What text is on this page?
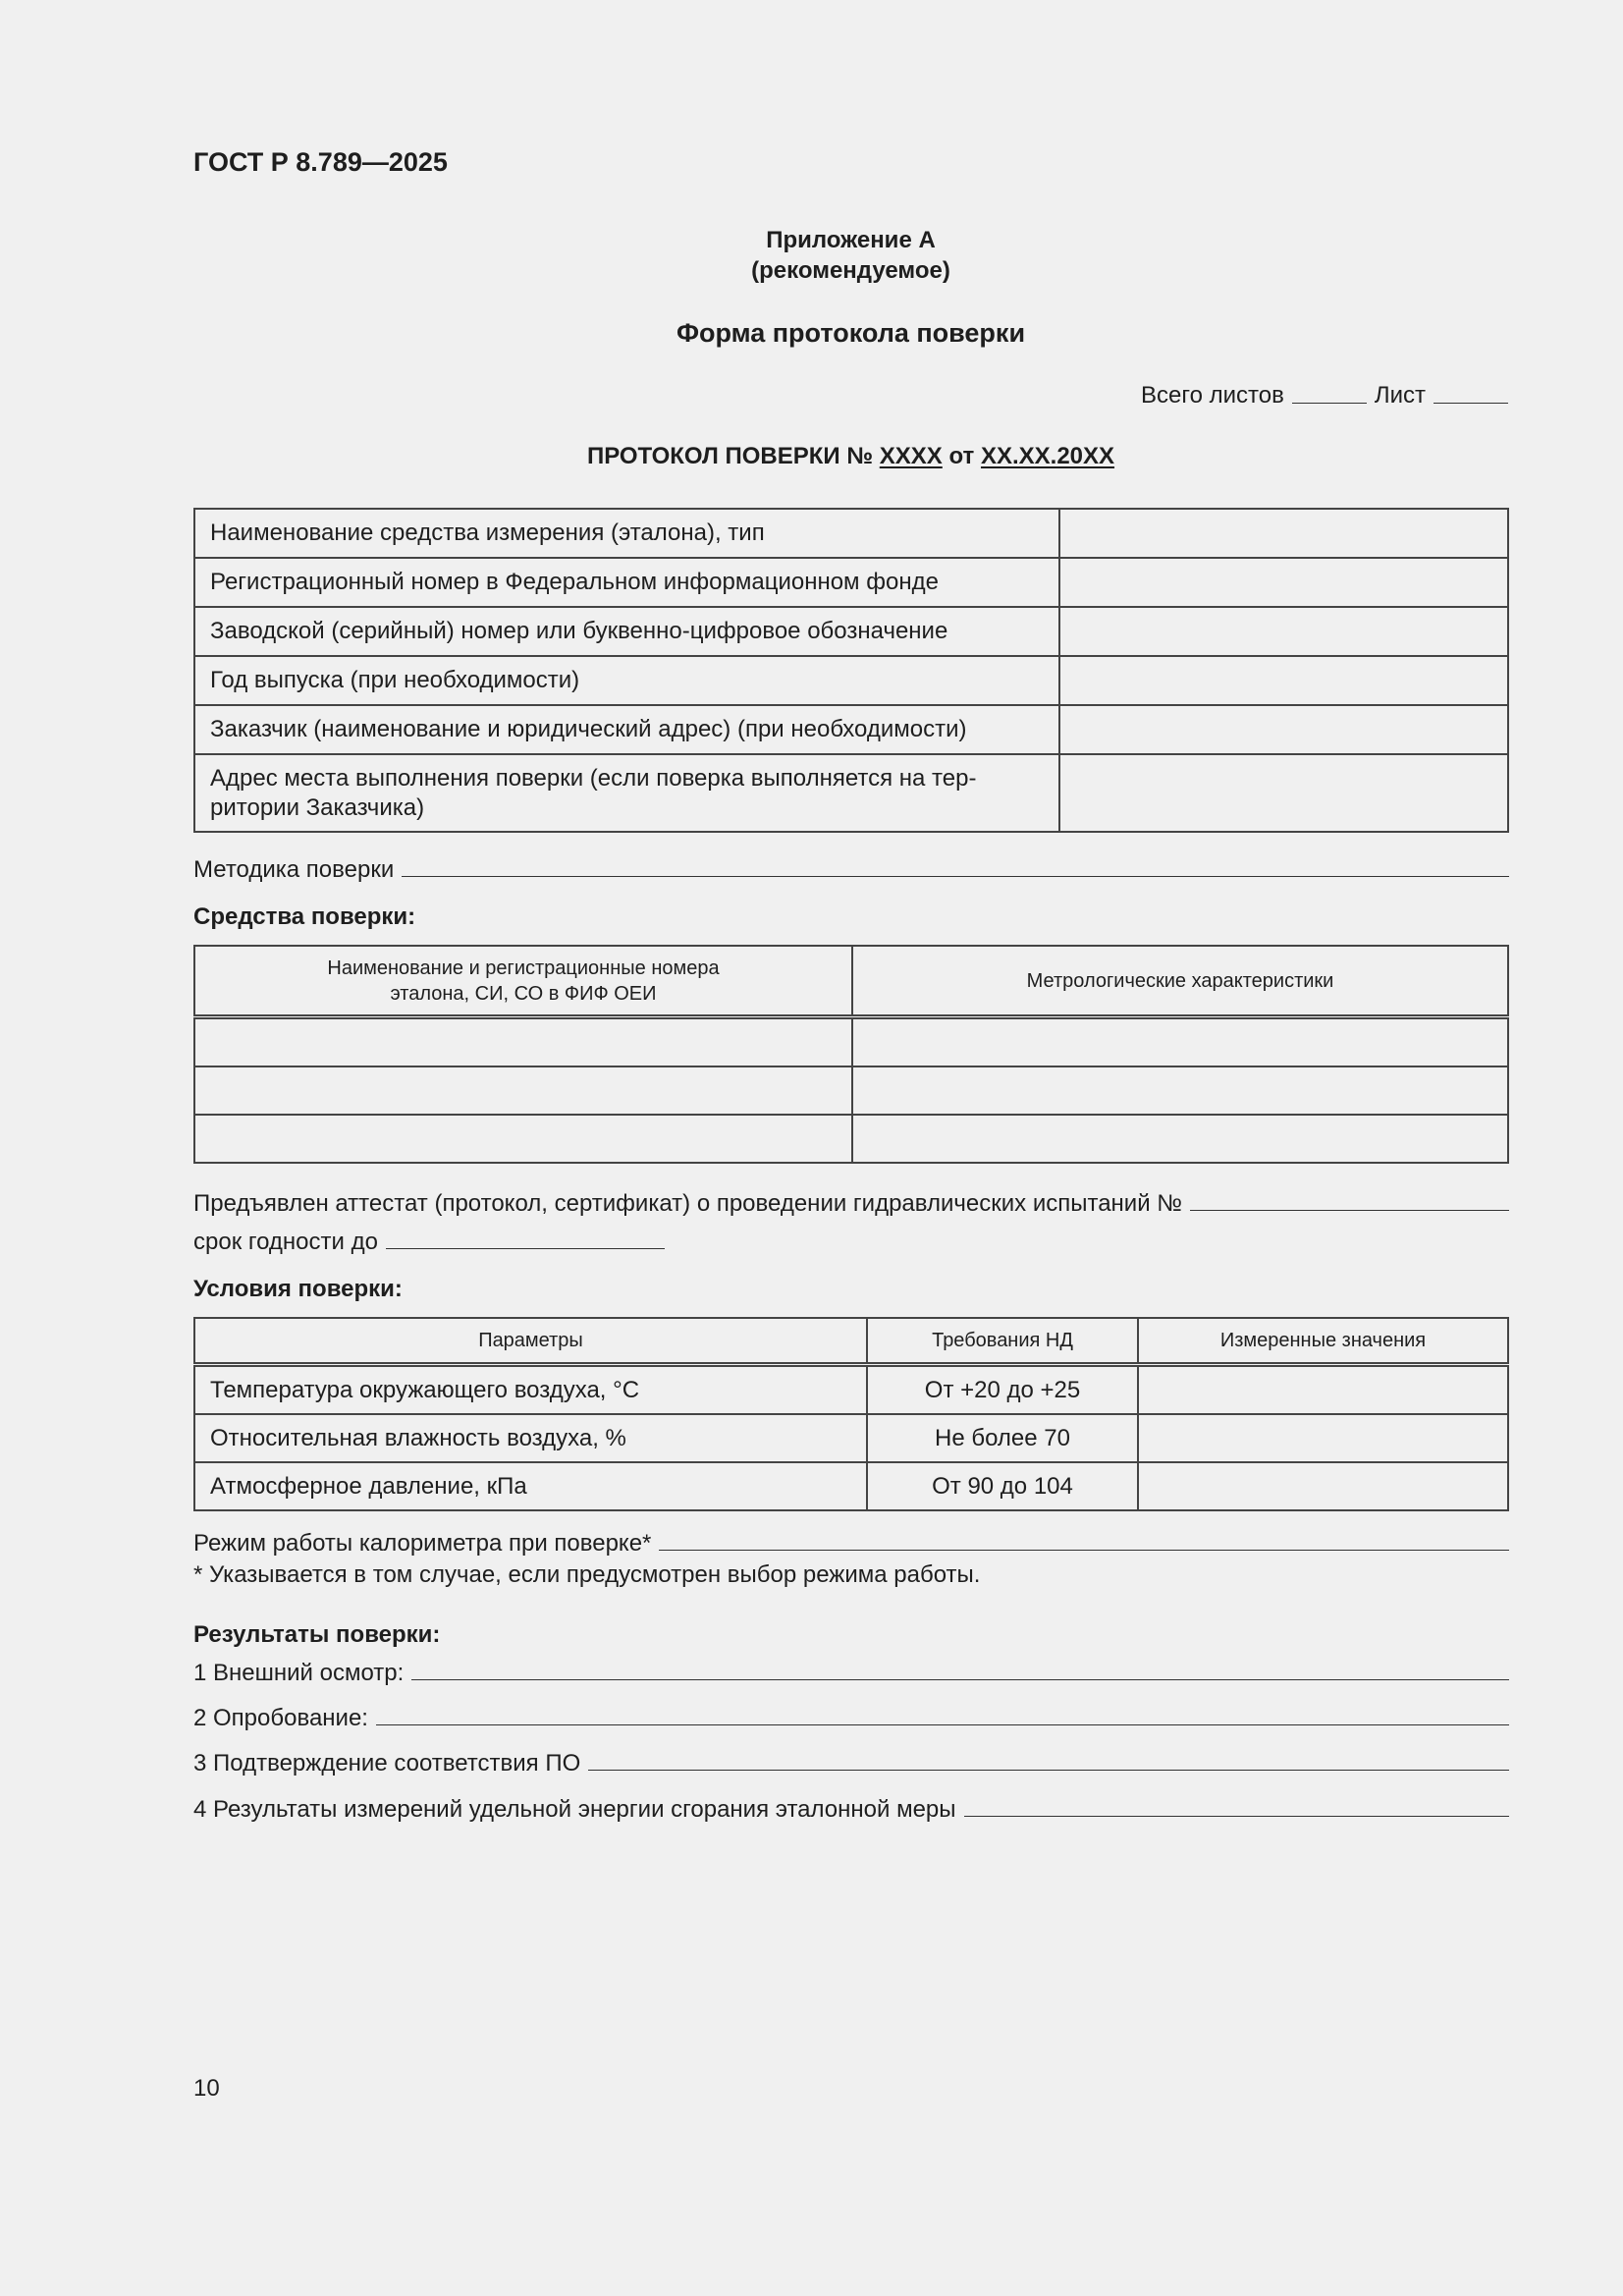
ГОСТ Р 8.789—2025
Приложение А
(рекомендуемое)
Форма протокола поверки
Всего листов	Лист
ПРОТОКОЛ ПОВЕРКИ № XXXX от XX.XX.20XX
Наименование средства измерения (эталона), тип	
Регистрационный номер в Федеральном информационном фонде	
Заводской (серийный) номер или буквенно-цифровое обозначение	
Год выпуска (при необходимости)	
Заказчик (наименование и юридический адрес) (при необходимости)	
Адрес места выполнения поверки (если поверка выполняется на тер-
ритории Заказчика)	
Методика поверки
Средства поверки:
Наименование и регистрационные номера
эталона, СИ, СО в ФИФ ОЕИ	Метрологические характеристики

Предъявлен аттестат (протокол, сертификат) о проведении гидравлических испытаний №
срок годности до
Условия поверки:
Параметры	Требования НД	Измеренные значения
Температура окружающего воздуха, °С	От +20 до +25	
Относительная влажность воздуха, %	Не более 70	
Атмосферное давление, кПа	От 90 до 104	
Режим работы калориметра при поверке*
* Указывается в том случае, если предусмотрен выбор режима работы.
Результаты поверки:
1 Внешний осмотр:
2 Опробование:
3 Подтверждение соответствия ПО
4 Результаты измерений удельной энергии сгорания эталонной меры
10
